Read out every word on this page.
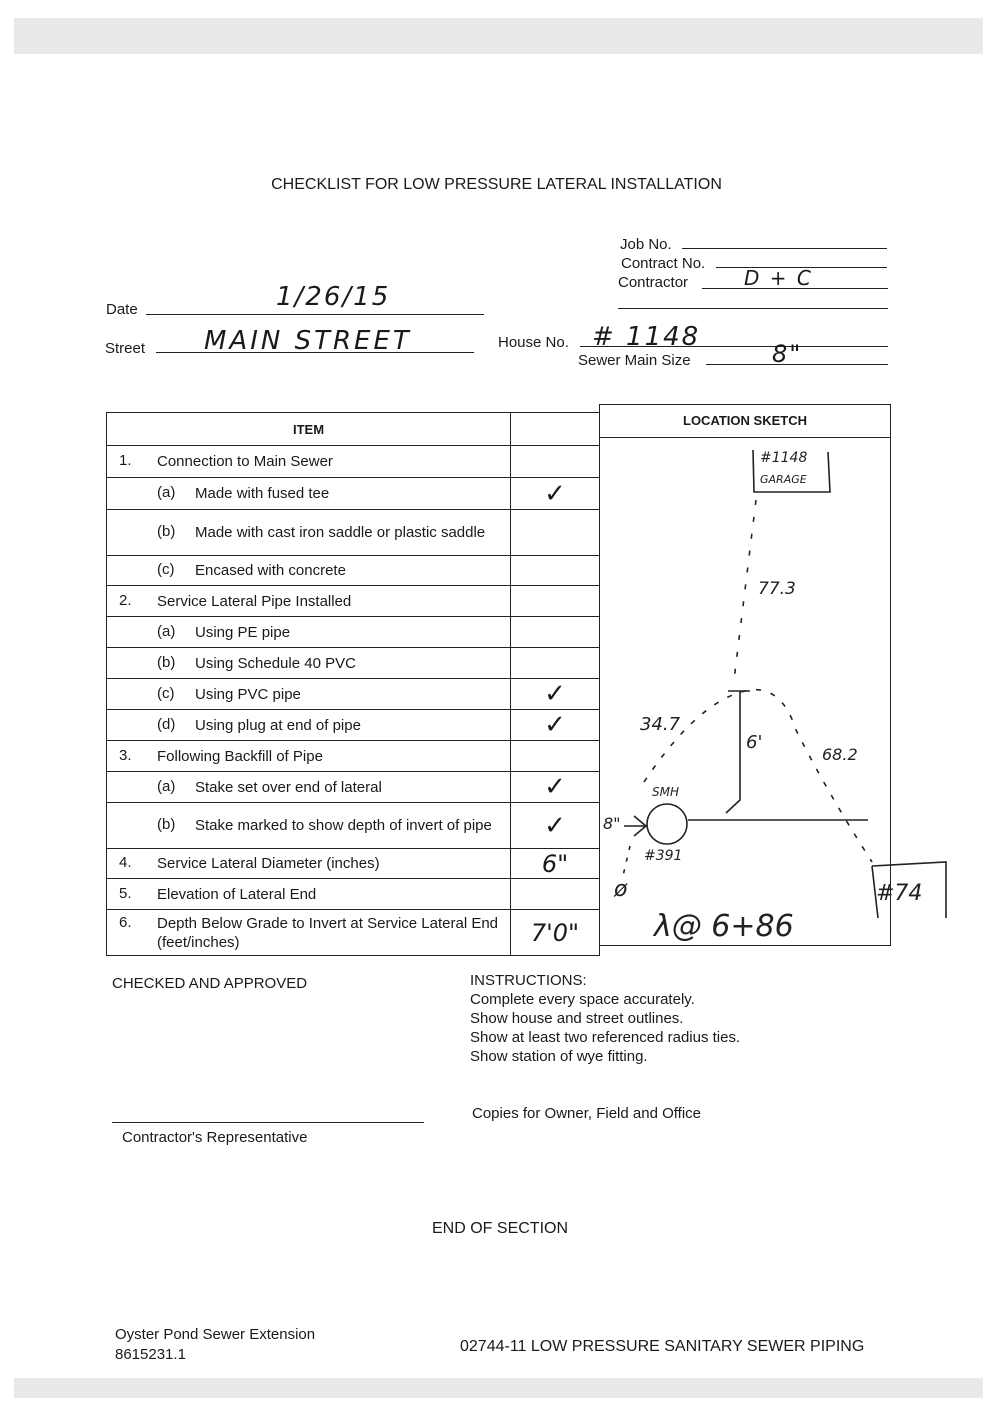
CHECKLIST FOR LOW PRESSURE LATERAL INSTALLATION
Job No.
Contract No.
Contractor	D + C
Date	1/26/15
Street MAIN STREET	House No. # 1148
Sewer Main Size	8"
ITEM	

1. Connection to Main Sewer	

(a) Made with fused tee	✓

(b) Made with cast iron saddle or plastic saddle	

(c) Encased with concrete	

2. Service Lateral Pipe Installed	

(a) Using PE pipe	

(b) Using Schedule 40 PVC	

(c) Using PVC pipe	✓

(d) Using plug at end of pipe	✓

3. Following Backfill of Pipe	

(a) Stake set over end of lateral	✓

(b) Stake marked to show depth of invert of pipe	✓

4. Service Lateral Diameter (inches)	6"

5. Elevation of Lateral End	

6. Depth Below Grade to Invert at Service Lateral End (feet/inches)	7'0"
LOCATION SKETCH
#1148
GARAGE
77.3
34.7
6'
68.2
SMH
#391
8"
ø	#74
λ@ 6+86
CHECKED AND APPROVED
Contractor's Representative
INSTRUCTIONS:
Complete every space accurately.
Show house and street outlines.
Show at least two referenced radius ties.
Show station of wye fitting.
Copies for Owner, Field and Office
END OF SECTION
Oyster Pond Sewer Extension
8615231.1	02744-11 LOW PRESSURE SANITARY SEWER PIPING
